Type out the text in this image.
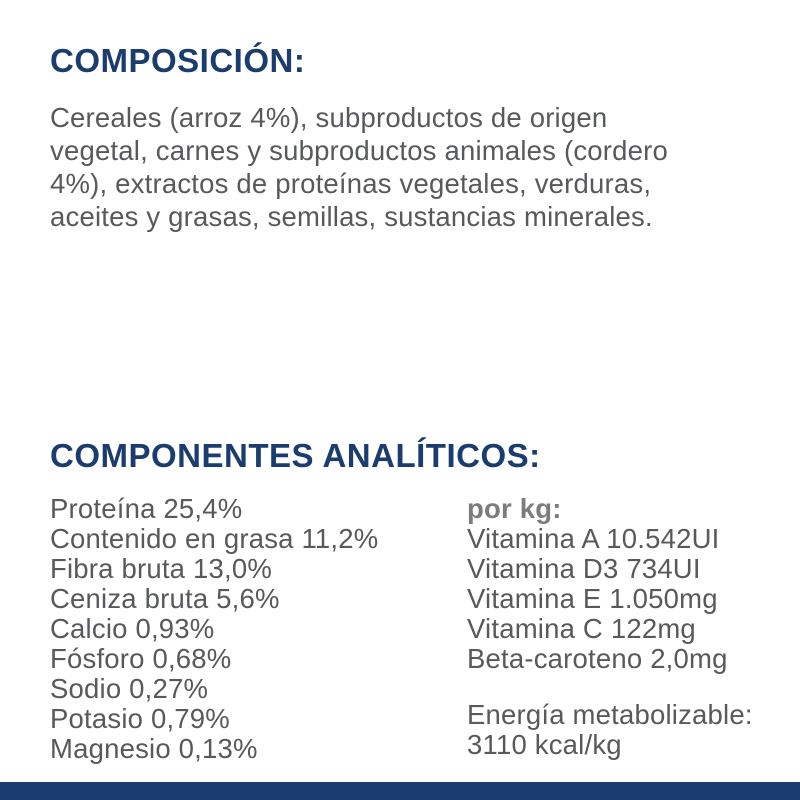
COMPOSICIÓN:
Cereales (arroz 4%), subproductos de origen
vegetal, carnes y subproductos animales (cordero
4%), extractos de proteínas vegetales, verduras,
aceites y grasas, semillas, sustancias minerales.
COMPONENTES ANALÍTICOS:
Proteína 25,4%
Contenido en grasa 11,2%
Fibra bruta 13,0%
Ceniza bruta 5,6%
Calcio 0,93%
Fósforo 0,68%
Sodio 0,27%
Potasio 0,79%
Magnesio 0,13%
por kg:
Vitamina A 10.542UI
Vitamina D3 734UI
Vitamina E 1.050mg
Vitamina C 122mg
Beta-caroteno 2,0mg
Energía metabolizable:
3110 kcal/kg
